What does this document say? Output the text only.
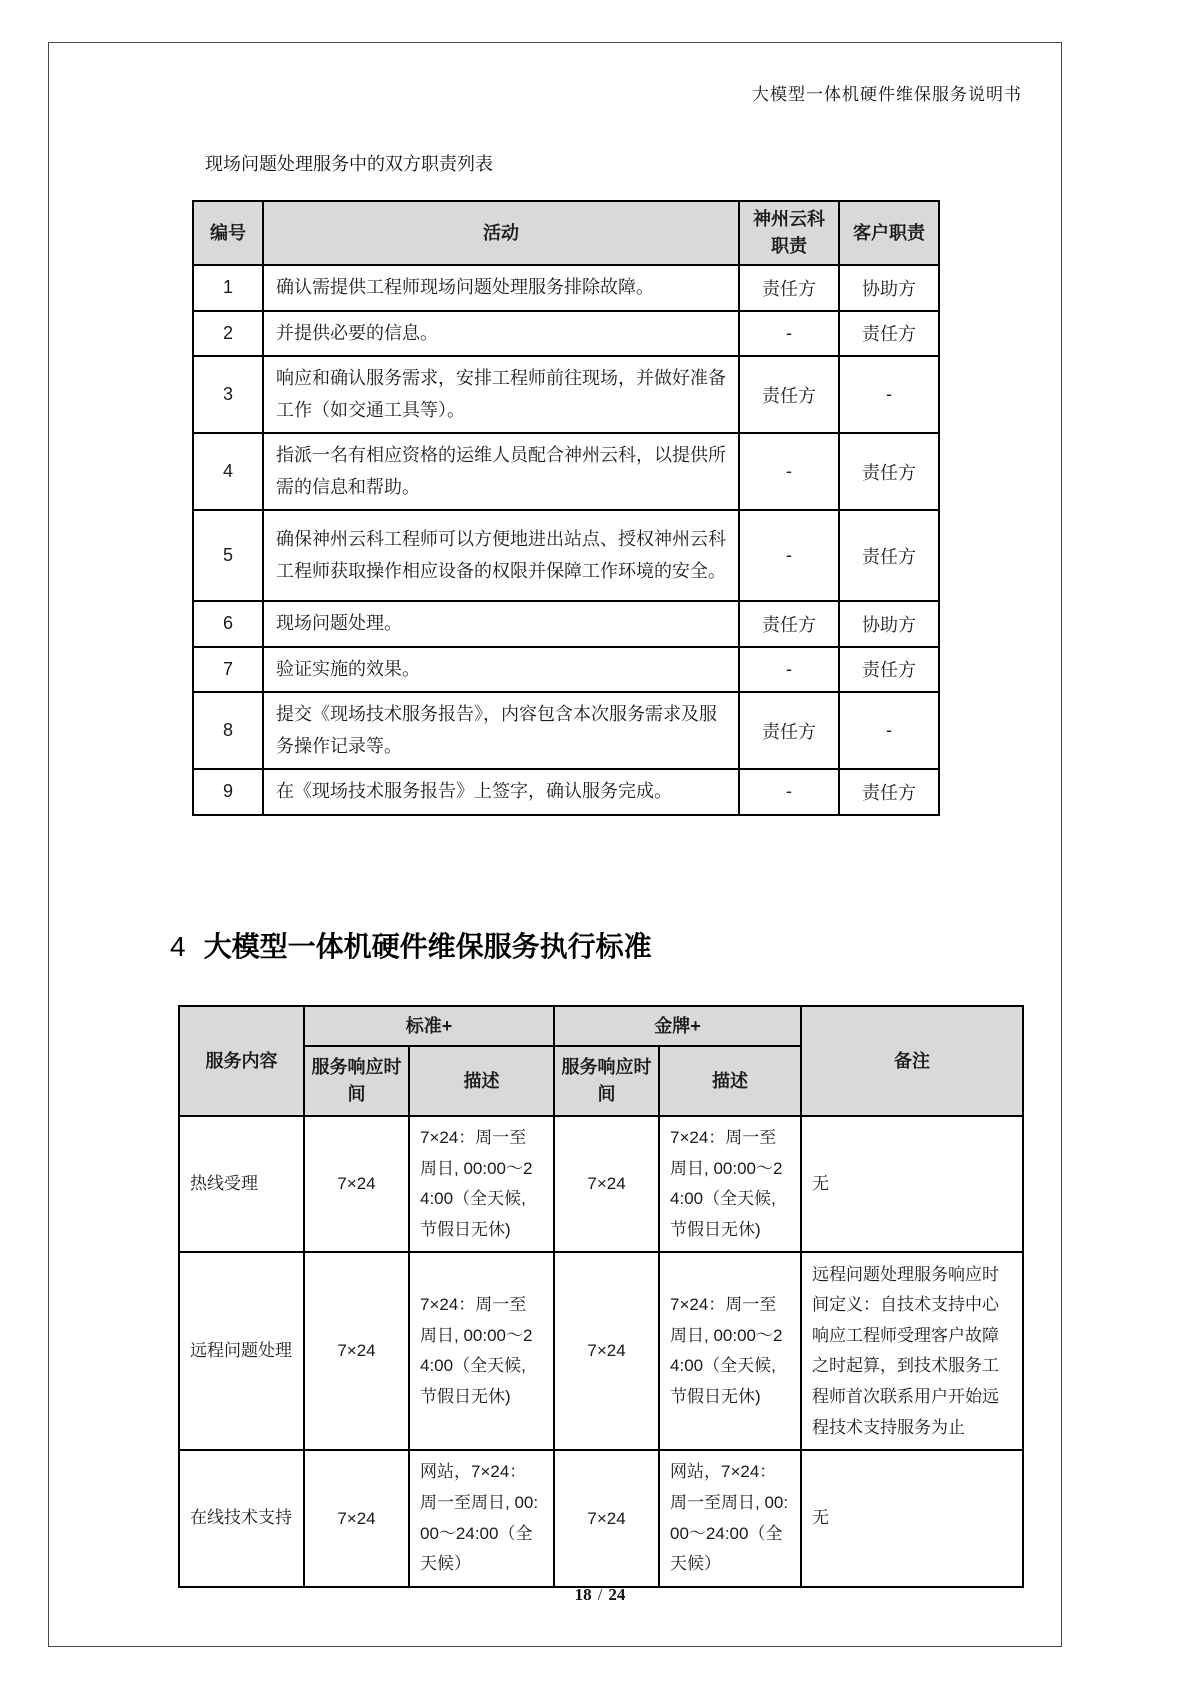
大模型一体机硬件维保服务说明书
现场问题处理服务中的双方职责列表
编号	活动	神州云科职责	客户职责
1	确认需提供工程师现场问题处理服务排除故障。	责任方	协助方
2	并提供必要的信息。	-	责任方
3	响应和确认服务需求，安排工程师前往现场，并做好准备工作（如交通工具等）。	责任方	-
4	指派一名有相应资格的运维人员配合神州云科，以提供所需的信息和帮助。	-	责任方
5	确保神州云科工程师可以方便地进出站点、授权神州云科工程师获取操作相应设备的权限并保障工作环境的安全。	-	责任方
6	现场问题处理。	责任方	协助方
7	验证实施的效果。	-	责任方
8	提交《现场技术服务报告》，内容包含本次服务需求及服务操作记录等。	责任方	-
9	在《现场技术服务报告》上签字，确认服务完成。	-	责任方
4 大模型一体机硬件维保服务执行标准
服务内容	标准+		金牌+		备注
	服务响应时间	描述	服务响应时间	描述	
热线受理	7×24	7×24：周一至周日, 00:00～24:00（全天候, 节假日无休)	7×24	7×24：周一至周日, 00:00～24:00（全天候, 节假日无休)	无
远程问题处理	7×24	7×24：周一至周日, 00:00～24:00（全天候, 节假日无休)	7×24	7×24：周一至周日, 00:00～24:00（全天候, 节假日无休)	远程问题处理服务响应时间定义：自技术支持中心响应工程师受理客户故障之时起算，到技术服务工程师首次联系用户开始远程技术支持服务为止
在线技术支持	7×24	网站，7×24：周一至周日, 00:00～24:00（全天候）	7×24	网站，7×24：周一至周日, 00:00～24:00（全天候）	无
18 / 24
